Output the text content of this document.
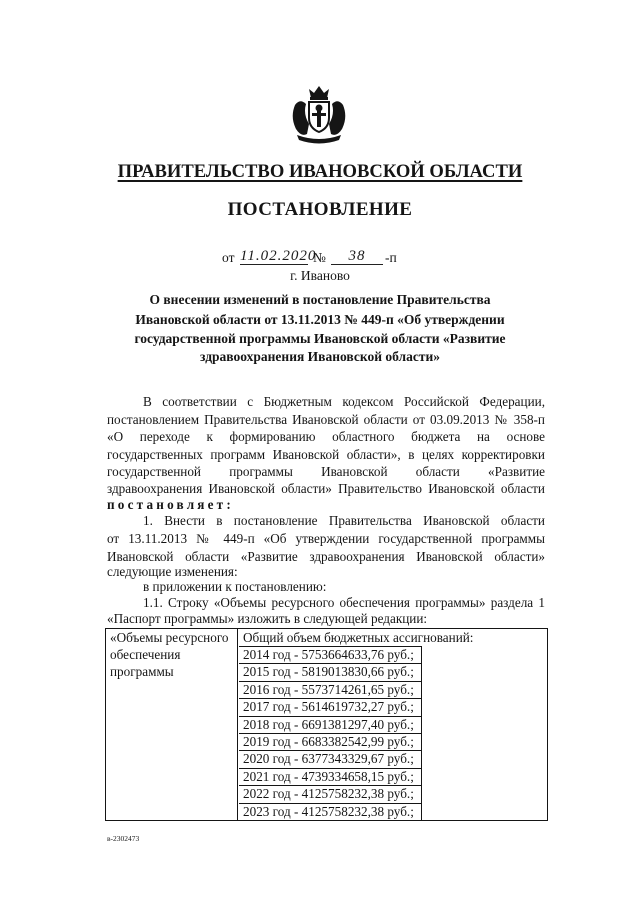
ПРАВИТЕЛЬСТВО ИВАНОВСКОЙ ОБЛАСТИ
ПОСТАНОВЛЕНИЕ
от 11.02.2020
№	38	-п
г. Иваново
О внесении изменений в постановление Правительства
Ивановской области от 13.11.2013 № 449-п «Об утверждении
государственной программы Ивановской области «Развитие
здравоохранения Ивановской области»
В соответствии с Бюджетным кодексом Российской Федерации,
постановлением Правительства Ивановской области от 03.09.2013 № 358-п
«О переходе к формированию областного бюджета на основе
государственных программ Ивановской области», в целях корректировки
государственной программы Ивановской области «Развитие
здравоохранения Ивановской области» Правительство Ивановской области
постановляет:
1. Внести в постановление Правительства Ивановской области
от 13.11.2013 № 449-п «Об утверждении государственной программы
Ивановской области «Развитие здравоохранения Ивановской области»
следующие изменения:
в приложении к постановлению:
1.1. Строку «Объемы ресурсного обеспечения программы» раздела 1
«Паспорт программы» изложить в следующей редакции:
«Объемы ресурсного
обеспечения
программы
Общий объем бюджетных ассигнований:
2014 год - 5753664633,76 руб.;
2015 год - 5819013830,66 руб.;
2016 год - 5573714261,65 руб.;
2017 год - 5614619732,27 руб.;
2018 год - 6691381297,40 руб.;
2019 год - 6683382542,99 руб.;
2020 год - 6377343329,67 руб.;
2021 год - 4739334658,15 руб.;
2022 год - 4125758232,38 руб.;
2023 год - 4125758232,38 руб.;
в-2302473
